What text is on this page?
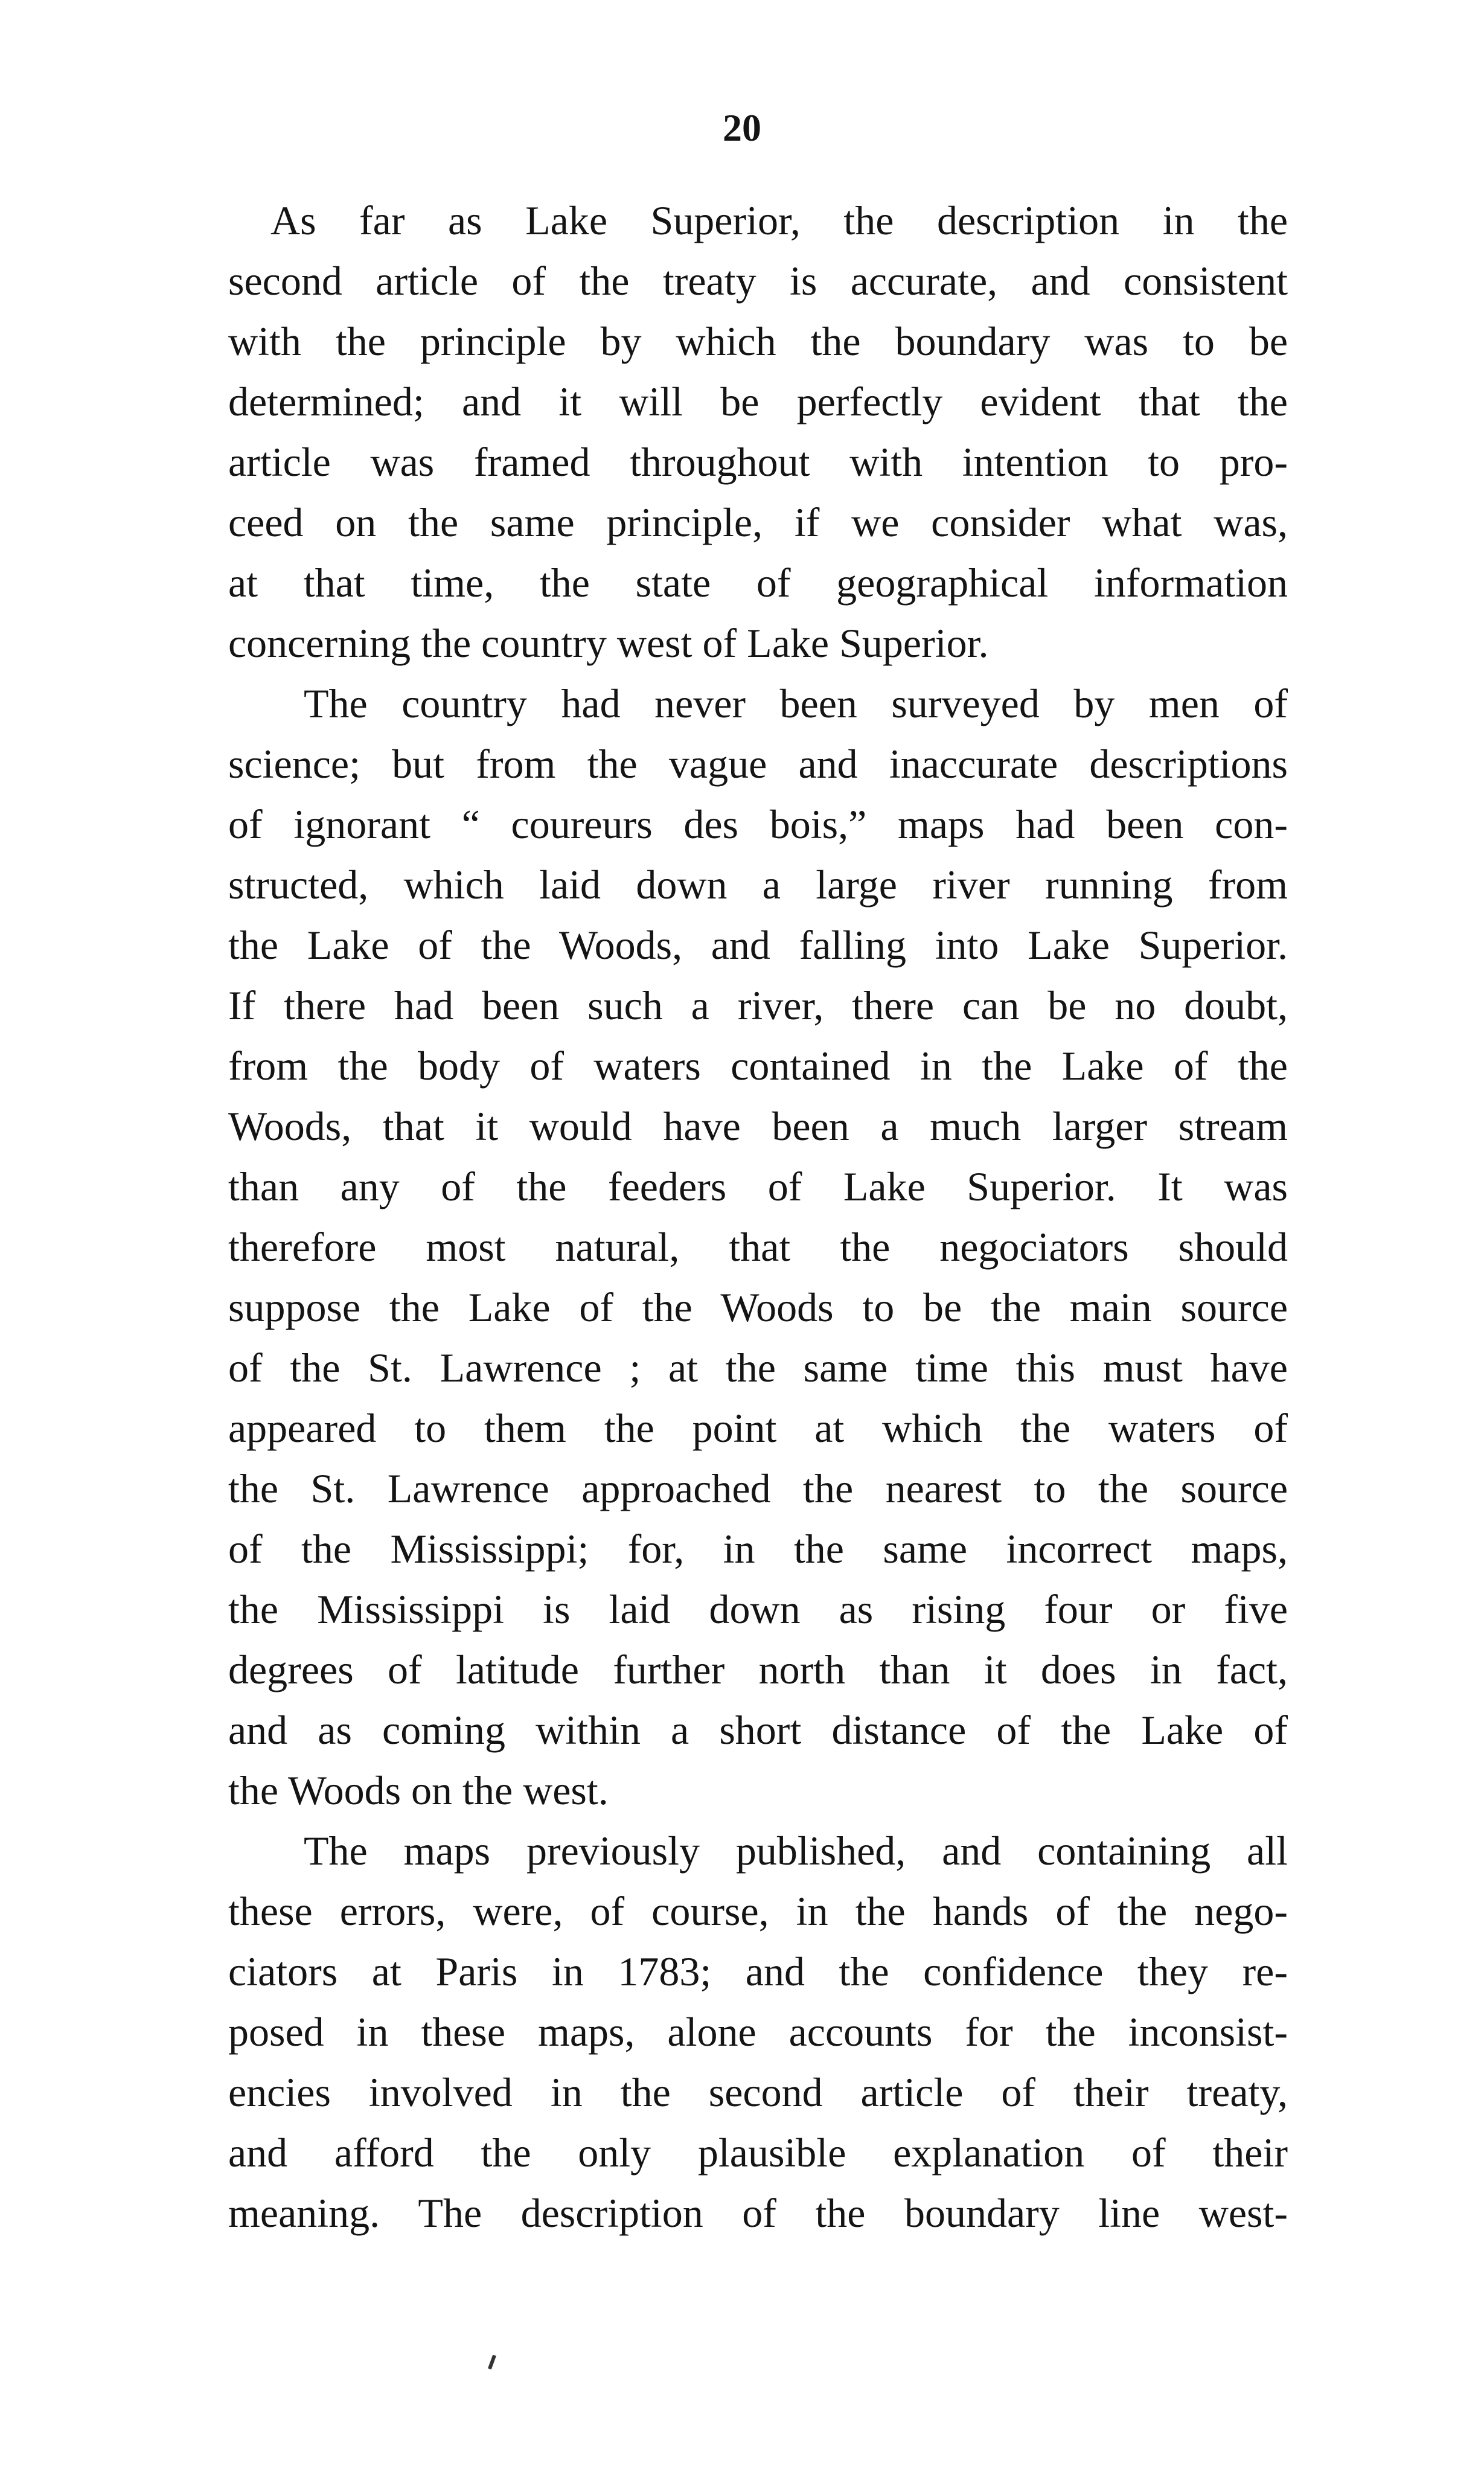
20
As far as Lake Superior, the description in the
second article of the treaty is accurate, and consistent
with the principle by which the boundary was to be
determined; and it will be perfectly evident that the
article was framed throughout with intention to pro-
ceed on the same principle, if we consider what was,
at that time, the state of geographical information
concerning the country west of Lake Superior.
The country had never been surveyed by men of
science; but from the vague and inaccurate descriptions
of ignorant “ coureurs des bois,” maps had been con-
structed, which laid down a large river running from
the Lake of the Woods, and falling into Lake Superior.
If there had been such a river, there can be no doubt,
from the body of waters contained in the Lake of the
Woods, that it would have been a much larger stream
than any of the feeders of Lake Superior. It was
therefore most natural, that the negociators should
suppose the Lake of the Woods to be the main source
of the St. Lawrence ; at the same time this must have
appeared to them the point at which the waters of
the St. Lawrence approached the nearest to the source
of the Mississippi; for, in the same incorrect maps,
the Mississippi is laid down as rising four or five
degrees of latitude further north than it does in fact,
and as coming within a short distance of the Lake of
the Woods on the west.
The maps previously published, and containing all
these errors, were, of course, in the hands of the nego-
ciators at Paris in 1783; and the confidence they re-
posed in these maps, alone accounts for the inconsist-
encies involved in the second article of their treaty,
and afford the only plausible explanation of their
meaning. The description of the boundary line west-
